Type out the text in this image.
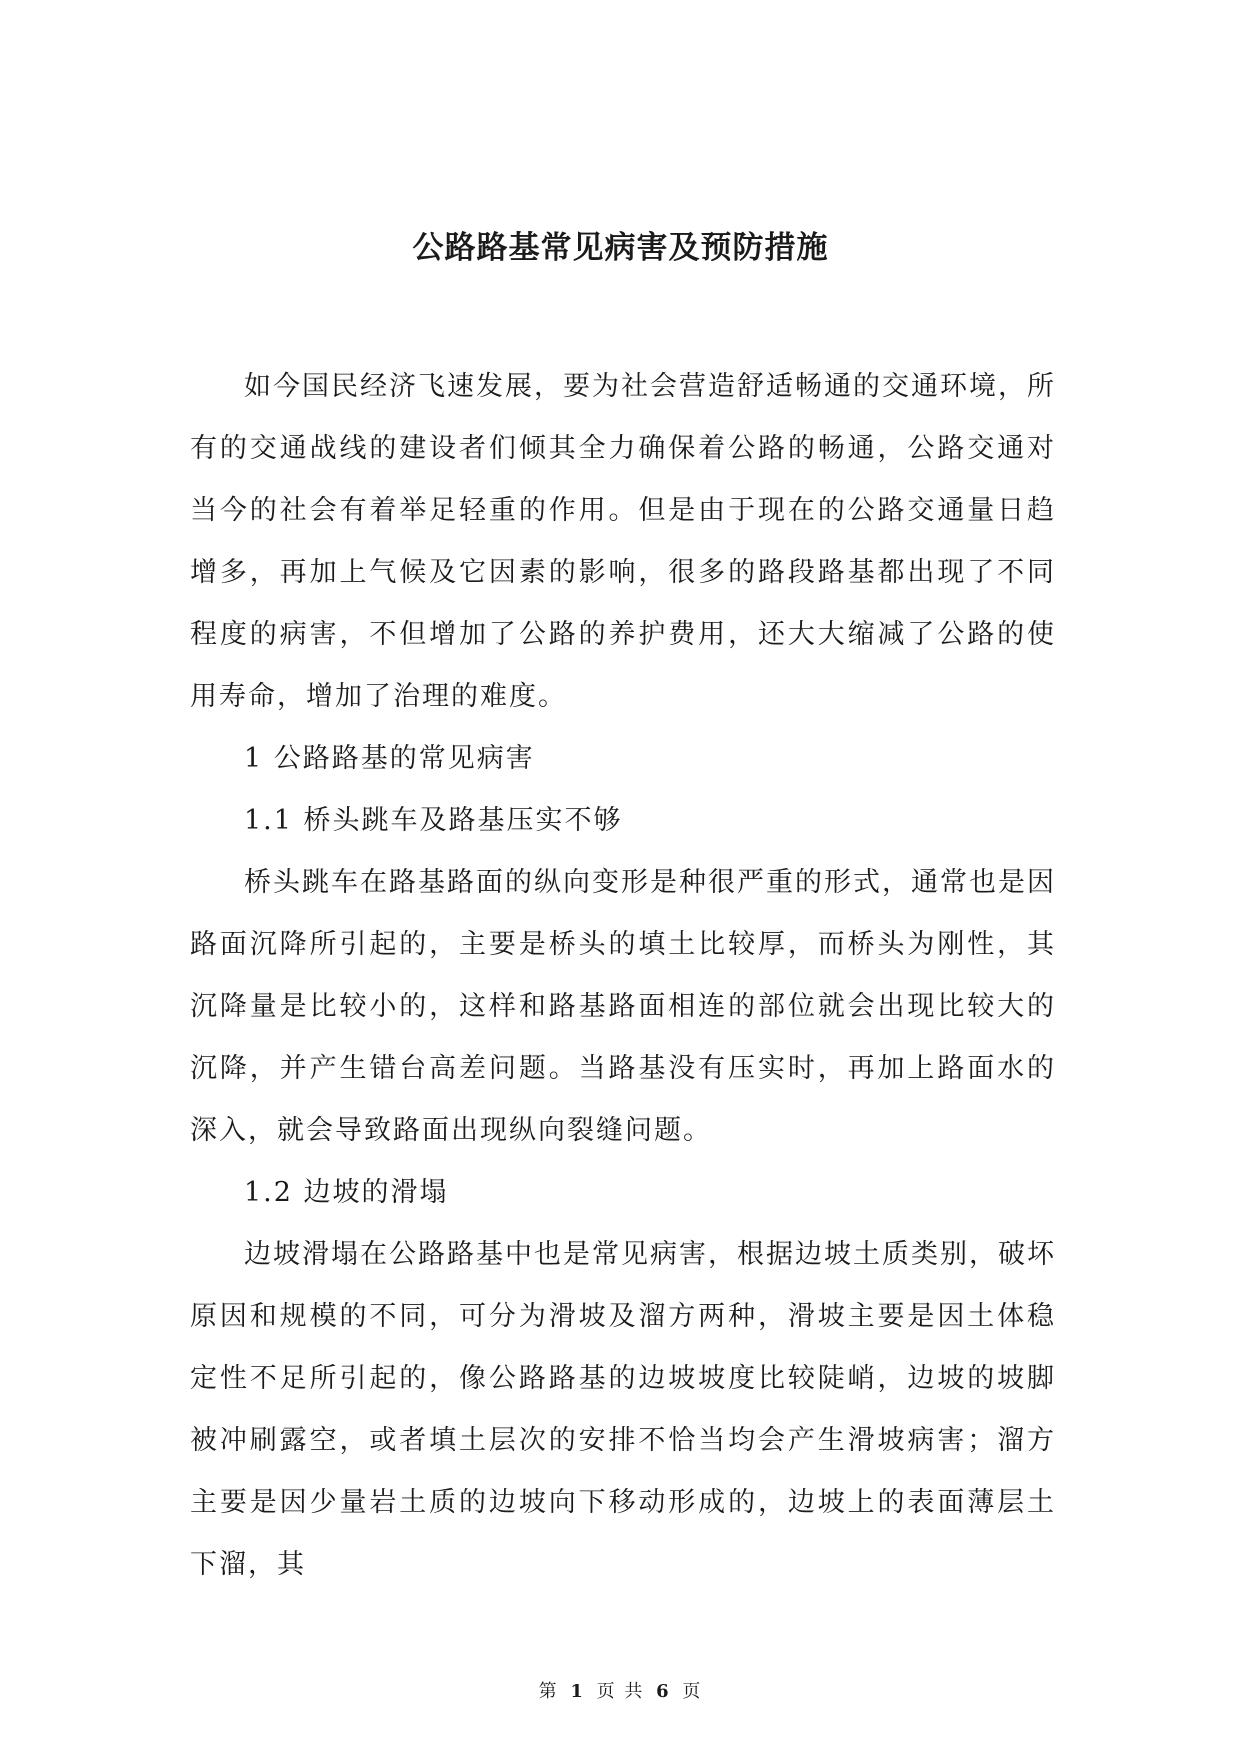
公路路基常见病害及预防措施

如今国民经济飞速发展，要为社会营造舒适畅通的交通环境，所有的交通战线的建设者们倾其全力确保着公路的畅通，公路交通对当今的社会有着举足轻重的作用。但是由于现在的公路交通量日趋增多，再加上气候及它因素的影响，很多的路段路基都出现了不同程度的病害，不但增加了公路的养护费用，还大大缩减了公路的使用寿命，增加了治理的难度。

1 公路路基的常见病害

1.1 桥头跳车及路基压实不够

桥头跳车在路基路面的纵向变形是种很严重的形式，通常也是因路面沉降所引起的，主要是桥头的填土比较厚，而桥头为刚性，其沉降量是比较小的，这样和路基路面相连的部位就会出现比较大的沉降，并产生错台高差问题。当路基没有压实时，再加上路面水的深入，就会导致路面出现纵向裂缝问题。

1.2 边坡的滑塌

边坡滑塌在公路路基中也是常见病害，根据边坡土质类别，破坏原因和规模的不同，可分为滑坡及溜方两种，滑坡主要是因土体稳定性不足所引起的，像公路路基的边坡坡度比较陡峭，边坡的坡脚被冲刷露空，或者填土层次的安排不恰当均会产生滑坡病害；溜方主要是因少量岩土质的边坡向下移动形成的，边坡上的表面薄层土下溜，其

第 1 页 共 6 页
